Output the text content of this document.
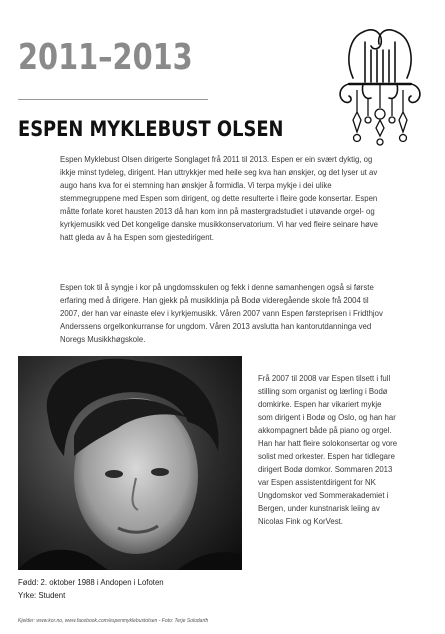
2011–2013
ESPEN MYKLEBUST OLSEN

Espen Myklebust Olsen dirigerte Songlaget frå 2011 til 2013. Espen er ein svært dyktig, og ikkje minst tydeleg, dirigent. Han uttrykkjer med heile seg kva han ønskjer, og det lyser ut av augo hans kva for ei stemning han ønskjer å formidla. Vi terpa mykje i dei ulike stemmegruppene med Espen som dirigent, og dette resulterte i fleire gode konsertar. Espen måtte forlate koret hausten 2013 då han kom inn på mastergradstudiet i utøvande orgel- og kyrkjemusikk ved Det kongelige danske musikkonservatorium. Vi har ved fleire seinare høve hatt gleda av å ha Espen som gjestedirigent.

Espen tok til å syngje i kor på ungdomsskulen og fekk i denne samanhengen også si første erfaring med å dirigere. Han gjekk på musikklinja på Bodø videregående skole frå 2004 til 2007, der han var einaste elev i kyrkjemusikk. Våren 2007 vann Espen førsteprisen i Fridthjov Anderssens orgelkonkurranse for ungdom. Våren 2013 avslutta han kantorutdanninga ved Noregs Musikkhøgskole.

Frå 2007 til 2008 var Espen tilsett i full stilling som organist og lærling i Bodø domkirke. Espen har vikariert mykje som dirigent i Bodø og Oslo, og han har akkompagnert både på piano og orgel. Han har hatt fleire solokonsertar og vore solist med orkester. Espen har tidlegare dirigert Bodø domkor. Sommaren 2013 var Espen assistentdirigent for NK Ungdomskor ved Sommerakademiet i Bergen, under kunstnarisk leiing av Nicolas Fink og KorVest.

Fødd: 2. oktober 1988 i Andopen i Lofoten
Yrke: Student
Kjelder: www.kor.no, www.facebook.com/espenmyklebustolsen - Foto: Terje Solodarth
